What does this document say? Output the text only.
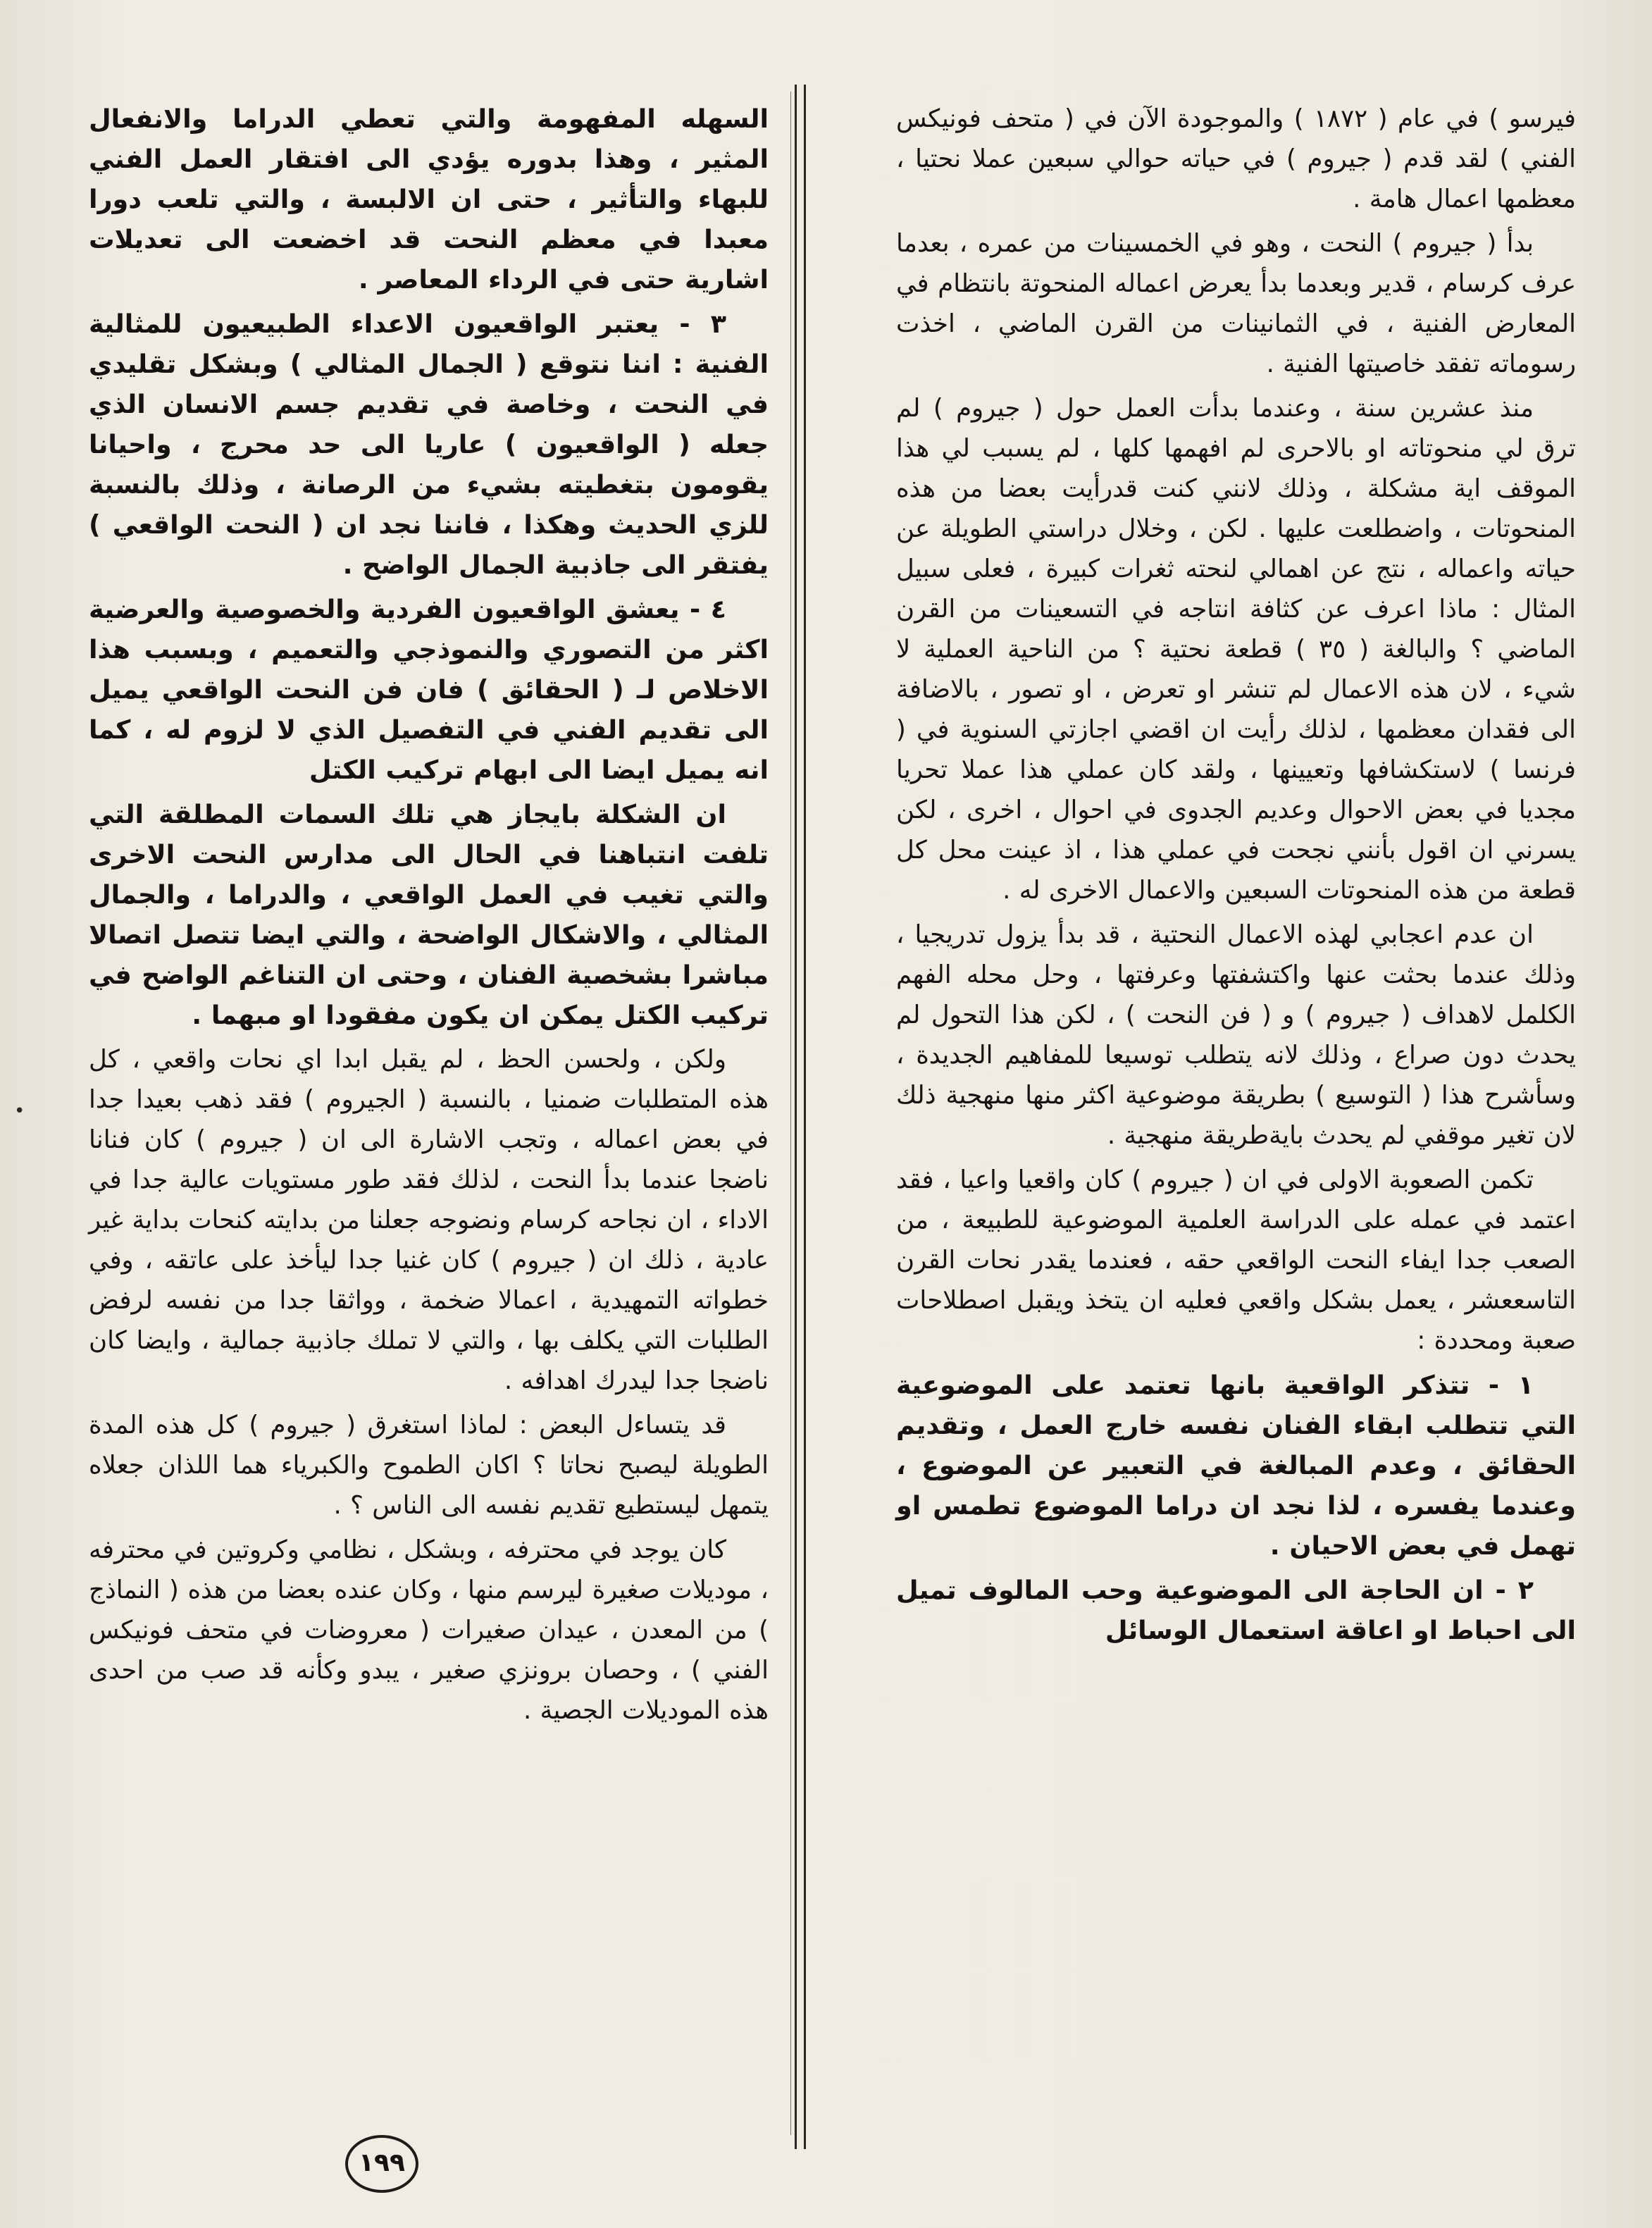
فيرسو ) في عام ( ١٨٧٢ ) والموجودة الآن في ( متحف فونيكس الفني ) لقد قدم ( جيروم ) في حياته حوالي سبعين عملا نحتيا ، معظمها اعمال هامة .

بدأ ( جيروم ) النحت ، وهو في الخمسينات من عمره ، بعدما عرف كرسام ، قدير وبعدما بدأ يعرض اعماله المنحوتة بانتظام في المعارض الفنية ، في الثمانينات من القرن الماضي ، اخذت رسوماته تفقد خاصيتها الفنية .

منذ عشرين سنة ، وعندما بدأت العمل حول ( جيروم ) لم ترق لي منحوتاته او بالاحرى لم افهمها كلها ، لم يسبب لي هذا الموقف اية مشكلة ، وذلك لانني كنت قدرأيت بعضا من هذه المنحوتات ، واضطلعت عليها . لكن ، وخلال دراستي الطويلة عن حياته واعماله ، نتج عن اهمالي لنحته ثغرات كبيرة ، فعلى سبيل المثال : ماذا اعرف عن كثافة انتاجه في التسعينات من القرن الماضي ؟ والبالغة ( ٣٥ ) قطعة نحتية ؟ من الناحية العملية لا شيء ، لان هذه الاعمال لم تنشر او تعرض ، او تصور ، بالاضافة الى فقدان معظمها ، لذلك رأيت ان اقضي اجازتي السنوية في ( فرنسا ) لاستكشافها وتعيينها ، ولقد كان عملي هذا عملا تحريا مجديا في بعض الاحوال وعديم الجدوى في احوال ، اخرى ، لكن يسرني ان اقول بأنني نجحت في عملي هذا ، اذ عينت محل كل قطعة من هذه المنحوتات السبعين والاعمال الاخرى له .

ان عدم اعجابي لهذه الاعمال النحتية ، قد بدأ يزول تدريجيا ، وذلك عندما بحثت عنها واكتشفتها وعرفتها ، وحل محله الفهم الكلمل لاهداف ( جيروم ) و ( فن النحت ) ، لكن هذا التحول لم يحدث دون صراع ، وذلك لانه يتطلب توسيعا للمفاهيم الجديدة ، وسأشرح هذا ( التوسيع ) بطريقة موضوعية اكثر منها منهجية ذلك لان تغير موقفي لم يحدث بايةطريقة منهجية .

تكمن الصعوبة الاولى في ان ( جيروم ) كان واقعيا واعيا ، فقد اعتمد في عمله على الدراسة العلمية الموضوعية للطبيعة ، من الصعب جدا ايفاء النحت الواقعي حقه ، فعندما يقدر نحات القرن التاسععشر ، يعمل بشكل واقعي فعليه ان يتخذ ويقبل اصطلاحات صعبة ومحددة :

١ - تتذكر الواقعية بانها تعتمد على الموضوعية التي تتطلب ابقاء الفنان نفسه خارج العمل ، وتقديم الحقائق ، وعدم المبالغة في التعبير عن الموضوع ، وعندما يفسره ، لذا نجد ان دراما الموضوع تطمس او تهمل في بعض الاحيان .

٢ - ان الحاجة الى الموضوعية وحب المالوف تميل الى احباط او اعاقة استعمال الوسائل

السهله المفهومة والتي تعطي الدراما والانفعال المثير ، وهذا بدوره يؤدي الى افتقار العمل الفني للبهاء والتأثير ، حتى ان الالبسة ، والتي تلعب دورا معبدا في معظم النحت قد اخضعت الى تعديلات اشارية حتى في الرداء المعاصر .

٣ - يعتبر الواقعيون الاعداء الطبيعيون للمثالية الفنية : اننا نتوقع ( الجمال المثالي ) وبشكل تقليدي في النحت ، وخاصة في تقديم جسم الانسان الذي جعله ( الواقعيون ) عاريا الى حد محرج ، واحيانا يقومون بتغطيته بشيء من الرصانة ، وذلك بالنسبة للزي الحديث وهكذا ، فاننا نجد ان ( النحت الواقعي ) يفتقر الى جاذبية الجمال الواضح .

٤ - يعشق الواقعيون الفردية والخصوصية والعرضية اكثر من التصوري والنموذجي والتعميم ، وبسبب هذا الاخلاص لـ ( الحقائق ) فان فن النحت الواقعي يميل الى تقديم الفني في التفصيل الذي لا لزوم له ، كما انه يميل ايضا الى ابهام تركيب الكتل

ان الشكلة بايجاز هي تلك السمات المطلقة التي تلفت انتباهنا في الحال الى مدارس النحت الاخرى والتي تغيب في العمل الواقعي ، والدراما ، والجمال المثالي ، والاشكال الواضحة ، والتي ايضا تتصل اتصالا مباشرا بشخصية الفنان ، وحتى ان التناغم الواضح في تركيب الكتل يمكن ان يكون مفقودا او مبهما .

ولكن ، ولحسن الحظ ، لم يقبل ابدا اي نحات واقعي ، كل هذه المتطلبات ضمنيا ، بالنسبة ( الجيروم ) فقد ذهب بعيدا جدا في بعض اعماله ، وتجب الاشارة الى ان ( جيروم ) كان فنانا ناضجا عندما بدأ النحت ، لذلك فقد طور مستويات عالية جدا في الاداء ، ان نجاحه كرسام ونضوجه جعلنا من بدايته كنحات بداية غير عادية ، ذلك ان ( جيروم ) كان غنيا جدا ليأخذ على عاتقه ، وفي خطواته التمهيدية ، اعمالا ضخمة ، وواثقا جدا من نفسه لرفض الطلبات التي يكلف بها ، والتي لا تملك جاذبية جمالية ، وايضا كان ناضجا جدا ليدرك اهدافه .

قد يتساءل البعض : لماذا استغرق ( جيروم ) كل هذه المدة الطويلة ليصبح نحاتا ؟ اكان الطموح والكبرياء هما اللذان جعلاه يتمهل ليستطيع تقديم نفسه الى الناس ؟ .

كان يوجد في محترفه ، وبشكل ، نظامي وكروتين في محترفه ، موديلات صغيرة ليرسم منها ، وكان عنده بعضا من هذه ( النماذج ) من المعدن ، عيدان صغيرات ( معروضات في متحف فونيكس الفني ) ، وحصان برونزي صغير ، يبدو وكأنه قد صب من احدى هذه الموديلات الجصية .

•
١٩٩
